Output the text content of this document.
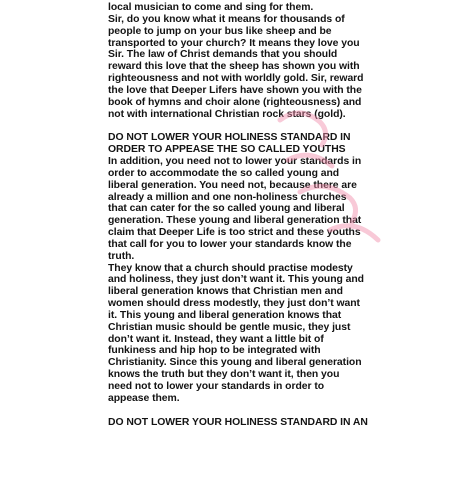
local musician to come and sing for them.
Sir, do you know what it means for thousands of
people to jump on your bus like sheep and be
transported to your church? It means they love you
Sir. The law of Christ demands that you should
reward this love that the sheep has shown you with
righteousness and not with worldly gold. Sir, reward
the love that Deeper Lifers have shown you with the
book of hymns and choir alone (righteousness) and
not with international Christian rock stars (gold).
DO NOT LOWER YOUR HOLINESS STANDARD IN
ORDER TO APPEASE THE SO CALLED YOUTHS
In addition, you need not to lower your standards in
order to accommodate the so called young and
liberal generation. You need not, because there are
already a million and one non-holiness churches
that can cater for the so called young and liberal
generation. These young and liberal generation that
claim that Deeper Life is too strict and these youths
that call for you to lower your standards know the
truth.
They know that a church should practise modesty
and holiness, they just don’t want it. This young and
liberal generation knows that Christian men and
women should dress modestly, they just don’t want
it. This young and liberal generation knows that
Christian music should be gentle music, they just
don’t want it. Instead, they want a little bit of
funkiness and hip hop to be integrated with
Christianity. Since this young and liberal generation
knows the truth but they don’t want it, then you
need not to lower your standards in order to
appease them.
DO NOT LOWER YOUR HOLINESS STANDARD IN AN
